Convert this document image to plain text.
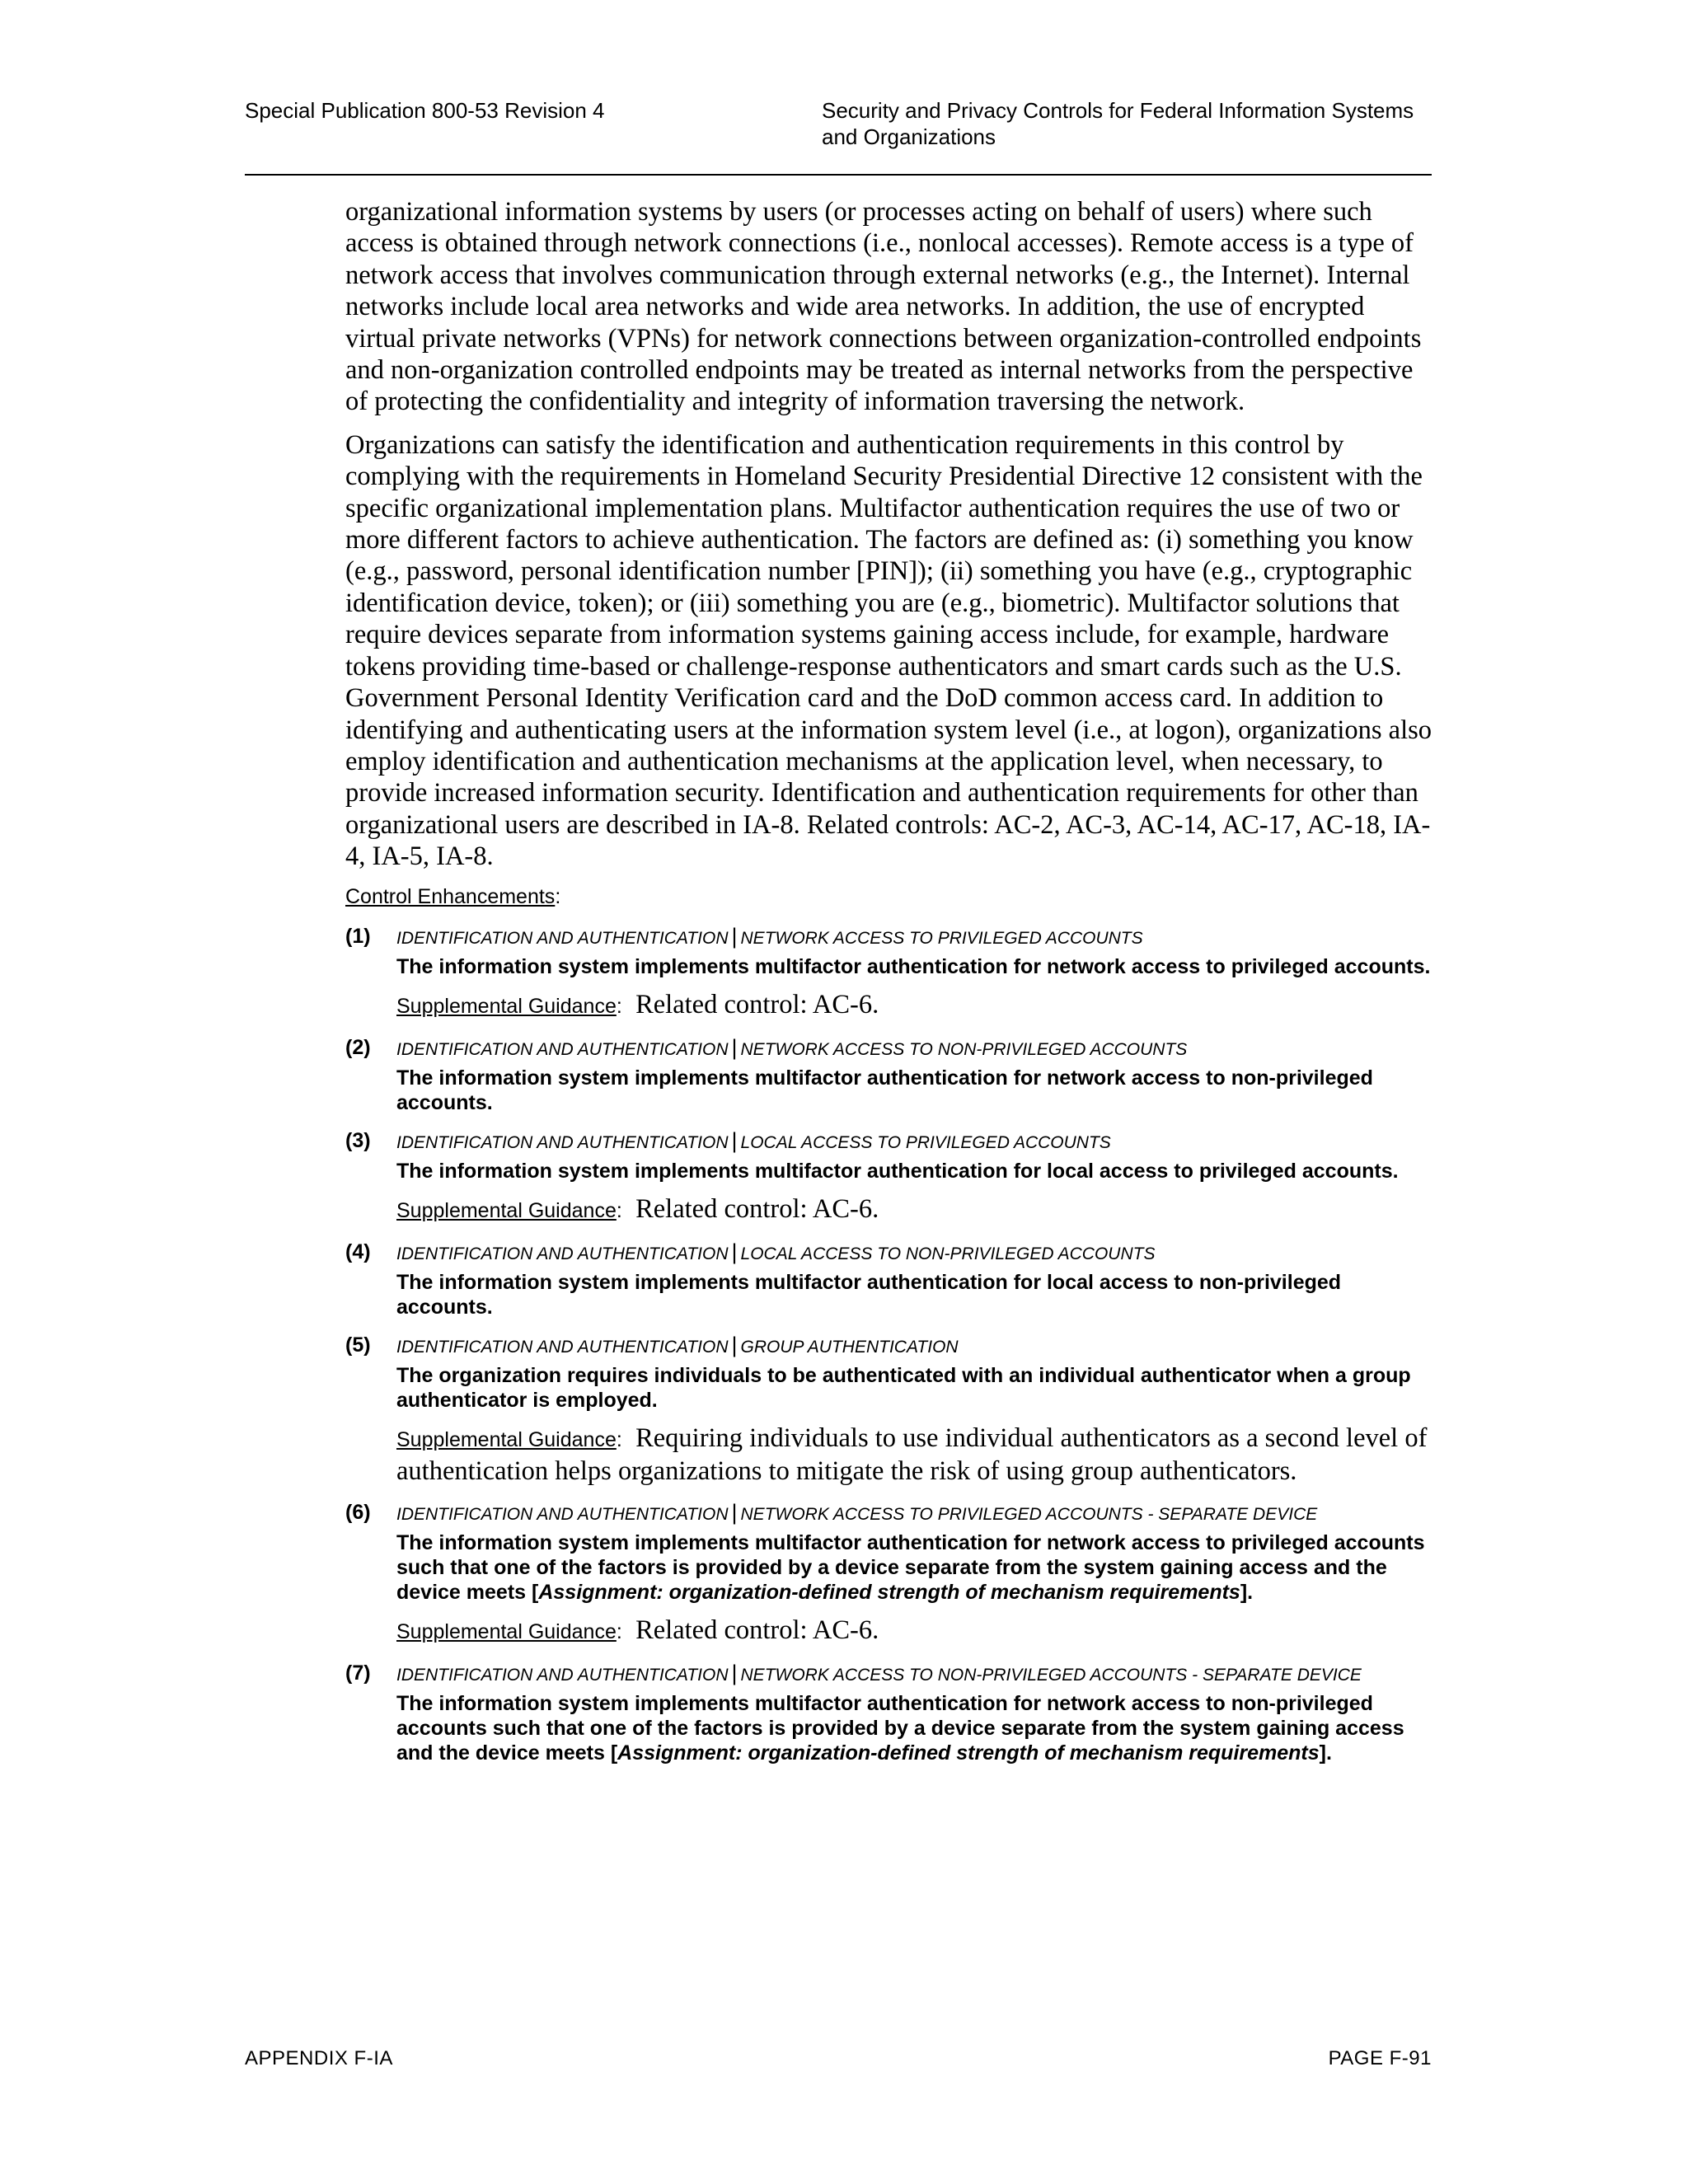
Special Publication 800-53 Revision 4	Security and Privacy Controls for Federal Information Systems
and Organizations

organizational information systems by users (or processes acting on behalf of users) where such access is obtained through network connections (i.e., nonlocal accesses). Remote access is a type of network access that involves communication through external networks (e.g., the Internet). Internal networks include local area networks and wide area networks. In addition, the use of encrypted virtual private networks (VPNs) for network connections between organization-controlled endpoints and non-organization controlled endpoints may be treated as internal networks from the perspective of protecting the confidentiality and integrity of information traversing the network.

Organizations can satisfy the identification and authentication requirements in this control by complying with the requirements in Homeland Security Presidential Directive 12 consistent with the specific organizational implementation plans. Multifactor authentication requires the use of two or more different factors to achieve authentication. The factors are defined as: (i) something you know (e.g., password, personal identification number [PIN]); (ii) something you have (e.g., cryptographic identification device, token); or (iii) something you are (e.g., biometric). Multifactor solutions that require devices separate from information systems gaining access include, for example, hardware tokens providing time-based or challenge-response authenticators and smart cards such as the U.S. Government Personal Identity Verification card and the DoD common access card. In addition to identifying and authenticating users at the information system level (i.e., at logon), organizations also employ identification and authentication mechanisms at the application level, when necessary, to provide increased information security. Identification and authentication requirements for other than organizational users are described in IA-8. Related controls: AC-2, AC-3, AC-14, AC-17, AC-18, IA-4, IA-5, IA-8.

Control Enhancements:
(1) IDENTIFICATION AND AUTHENTICATION | NETWORK ACCESS TO PRIVILEGED ACCOUNTS
The information system implements multifactor authentication for network access to privileged accounts.
Supplemental Guidance: Related control: AC-6.
(2) IDENTIFICATION AND AUTHENTICATION | NETWORK ACCESS TO NON-PRIVILEGED ACCOUNTS
The information system implements multifactor authentication for network access to non-privileged accounts.
(3) IDENTIFICATION AND AUTHENTICATION | LOCAL ACCESS TO PRIVILEGED ACCOUNTS
The information system implements multifactor authentication for local access to privileged accounts.
Supplemental Guidance: Related control: AC-6.
(4) IDENTIFICATION AND AUTHENTICATION | LOCAL ACCESS TO NON-PRIVILEGED ACCOUNTS
The information system implements multifactor authentication for local access to non-privileged accounts.
(5) IDENTIFICATION AND AUTHENTICATION | GROUP AUTHENTICATION
The organization requires individuals to be authenticated with an individual authenticator when a group authenticator is employed.
Supplemental Guidance: Requiring individuals to use individual authenticators as a second level of authentication helps organizations to mitigate the risk of using group authenticators.
(6) IDENTIFICATION AND AUTHENTICATION | NETWORK ACCESS TO PRIVILEGED ACCOUNTS - SEPARATE DEVICE
The information system implements multifactor authentication for network access to privileged accounts such that one of the factors is provided by a device separate from the system gaining access and the device meets [Assignment: organization-defined strength of mechanism requirements].
Supplemental Guidance: Related control: AC-6.
(7) IDENTIFICATION AND AUTHENTICATION | NETWORK ACCESS TO NON-PRIVILEGED ACCOUNTS - SEPARATE DEVICE
The information system implements multifactor authentication for network access to non-privileged accounts such that one of the factors is provided by a device separate from the system gaining access and the device meets [Assignment: organization-defined strength of mechanism requirements].
APPENDIX F-IA	PAGE F-91
